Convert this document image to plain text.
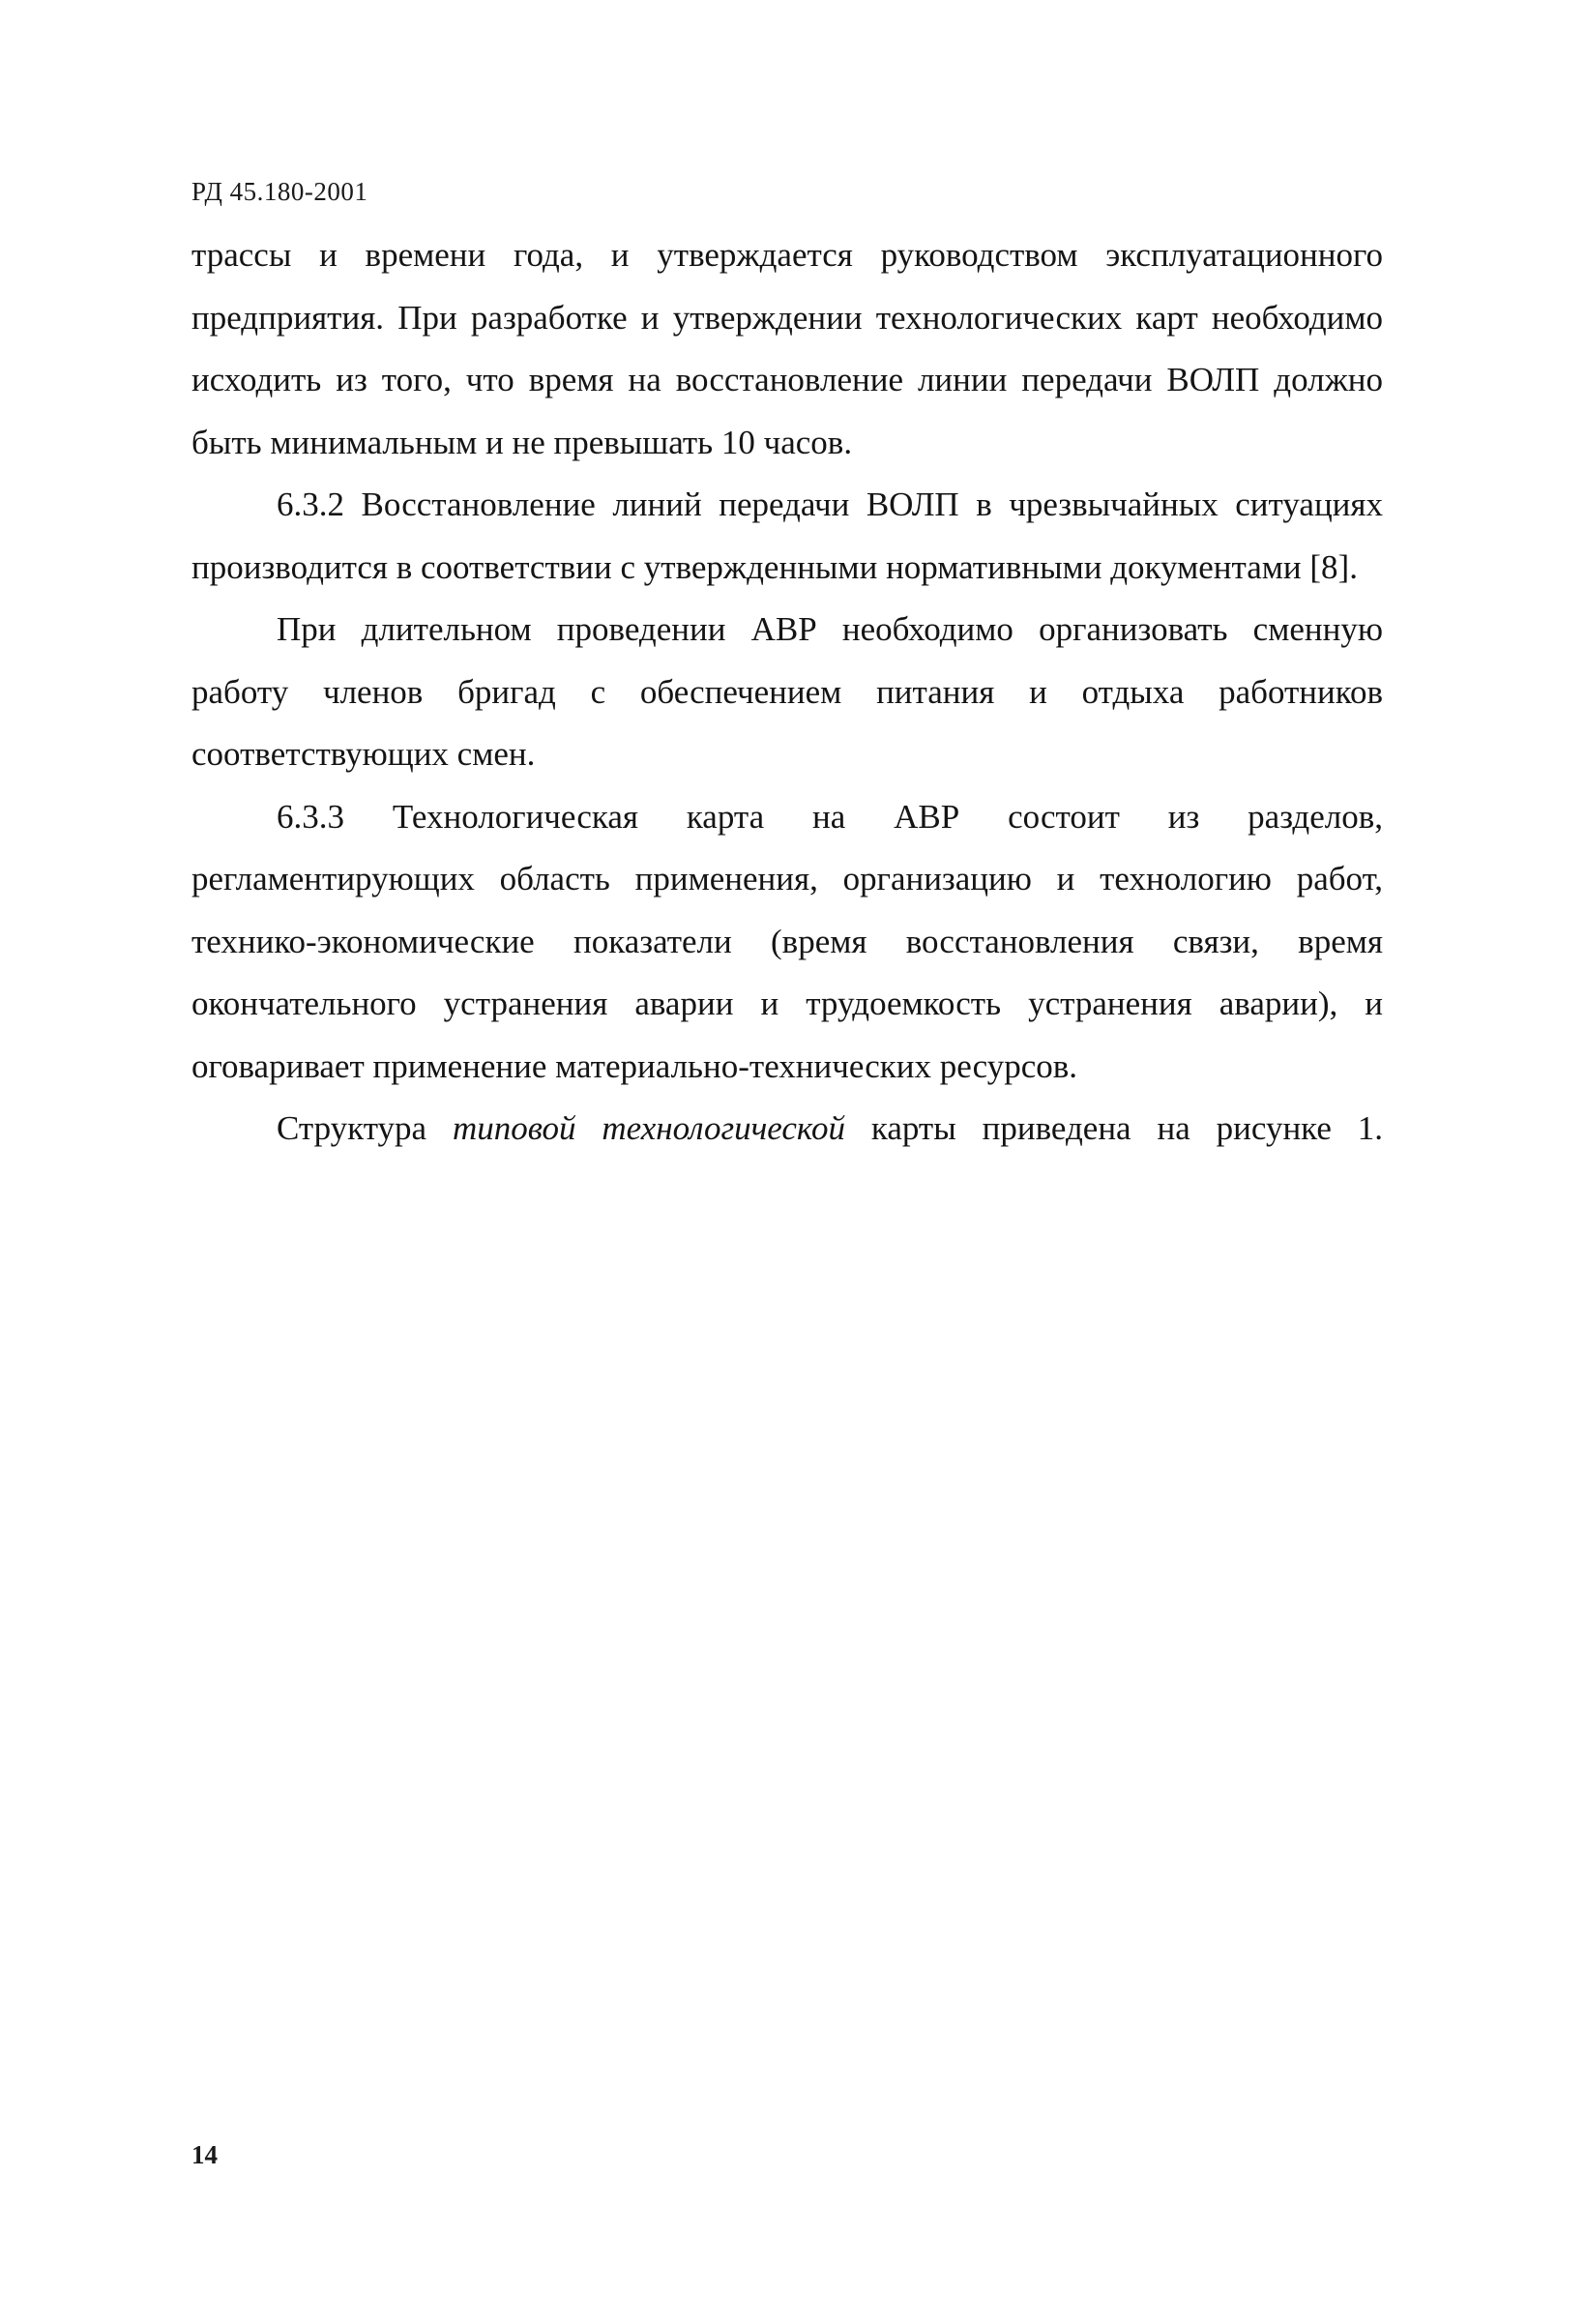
РД 45.180-2001

трассы и времени года, и утверждается руководством эксплуатационного предприятия. При разработке и утверждении технологических карт необходимо исходить из того, что время на восстановление линии передачи ВОЛП должно быть минимальным и не превышать 10 часов.

6.3.2 Восстановление линий передачи ВОЛП в чрезвычайных ситуациях производится в соответствии с утвержденными нормативными документами [8].

При длительном проведении АВР необходимо организовать сменную работу членов бригад с обеспечением питания и отдыха работников соответствующих смен.

6.3.3 Технологическая карта на АВР состоит из разделов, регламентирующих область применения, организацию и технологию работ, технико-экономические показатели (время восстановления связи, время окончательного устранения аварии и трудоемкость устранения аварии), и оговаривает применение материально-технических ресурсов.

Структура типовой технологической карты приведена на рисунке 1.

14
